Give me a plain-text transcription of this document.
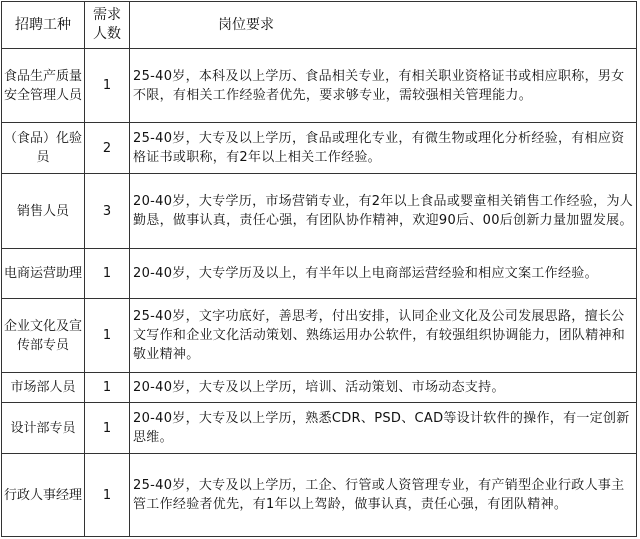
招聘工种	需求人数	岗位要求
食品生产质量安全管理人员	1	25-40岁，本科及以上学历、食品相关专业，有相关职业资格证书或相应职称，男女不限，有相关工作经验者优先，要求够专业，需较强相关管理能力。
（食品）化验员	2	25-40岁，大专及以上学历，食品或理化专业，有微生物或理化分析经验，有相应资格证书或职称，有2年以上相关工作经验。
销售人员	3	20-40岁，大专学历，市场营销专业，有2年以上食品或婴童相关销售工作经验，为人勤恳，做事认真，责任心强，有团队协作精神，欢迎90后、00后创新力量加盟发展。
电商运营助理	1	20-40岁，大专学历及以上，有半年以上电商部运营经验和相应文案工作经验。
企业文化及宣传部专员	1	25-40岁，文字功底好，善思考，付出安排，认同企业文化及公司发展思路，擅长公文写作和企业文化活动策划、熟练运用办公软件，有较强组织协调能力，团队精神和敬业精神。
市场部人员	1	20-40岁，大专及以上学历，培训、活动策划、市场动态支持。
设计部专员	1	20-40岁，大专及以上学历，熟悉CDR、PSD、CAD等设计软件的操作，有一定创新思维。
行政人事经理	1	25-40岁，大专及以上学历，工企、行管或人资管理专业，有产销型企业行政人事主管工作经验者优先，有1年以上驾龄，做事认真，责任心强，有团队精神。
